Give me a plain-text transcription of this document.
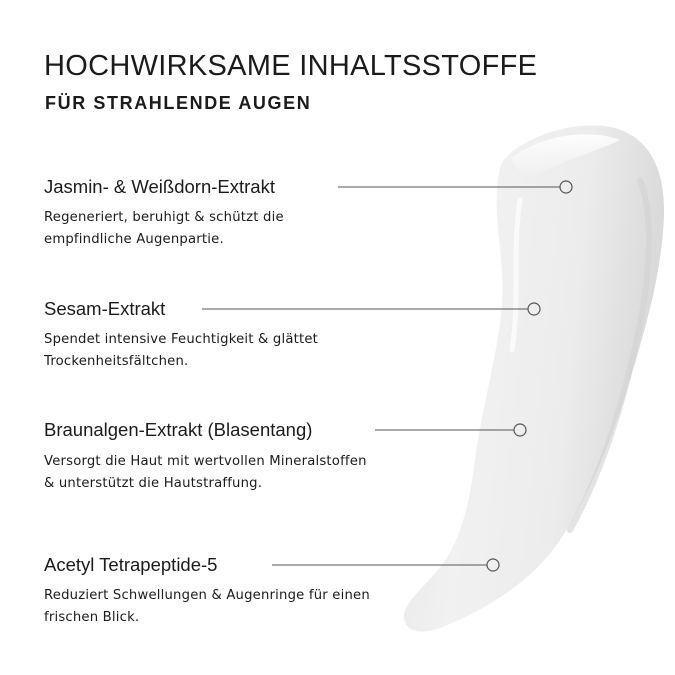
HOCHWIRKSAME INHALTSSTOFFE
FÜR STRAHLENDE AUGEN

Jasmin- & Weißdorn-Extrakt

Regeneriert, beruhigt & schützt die empfindliche Augenpartie.

Sesam-Extrakt

Spendet intensive Feuchtigkeit & glättet Trockenheitsfältchen.

Braunalgen-Extrakt (Blasentang)

Versorgt die Haut mit wertvollen Mineralstoffen & unterstützt die Hautstraffung.

Acetyl Tetrapeptide-5

Reduziert Schwellungen & Augenringe für einen frischen Blick.
